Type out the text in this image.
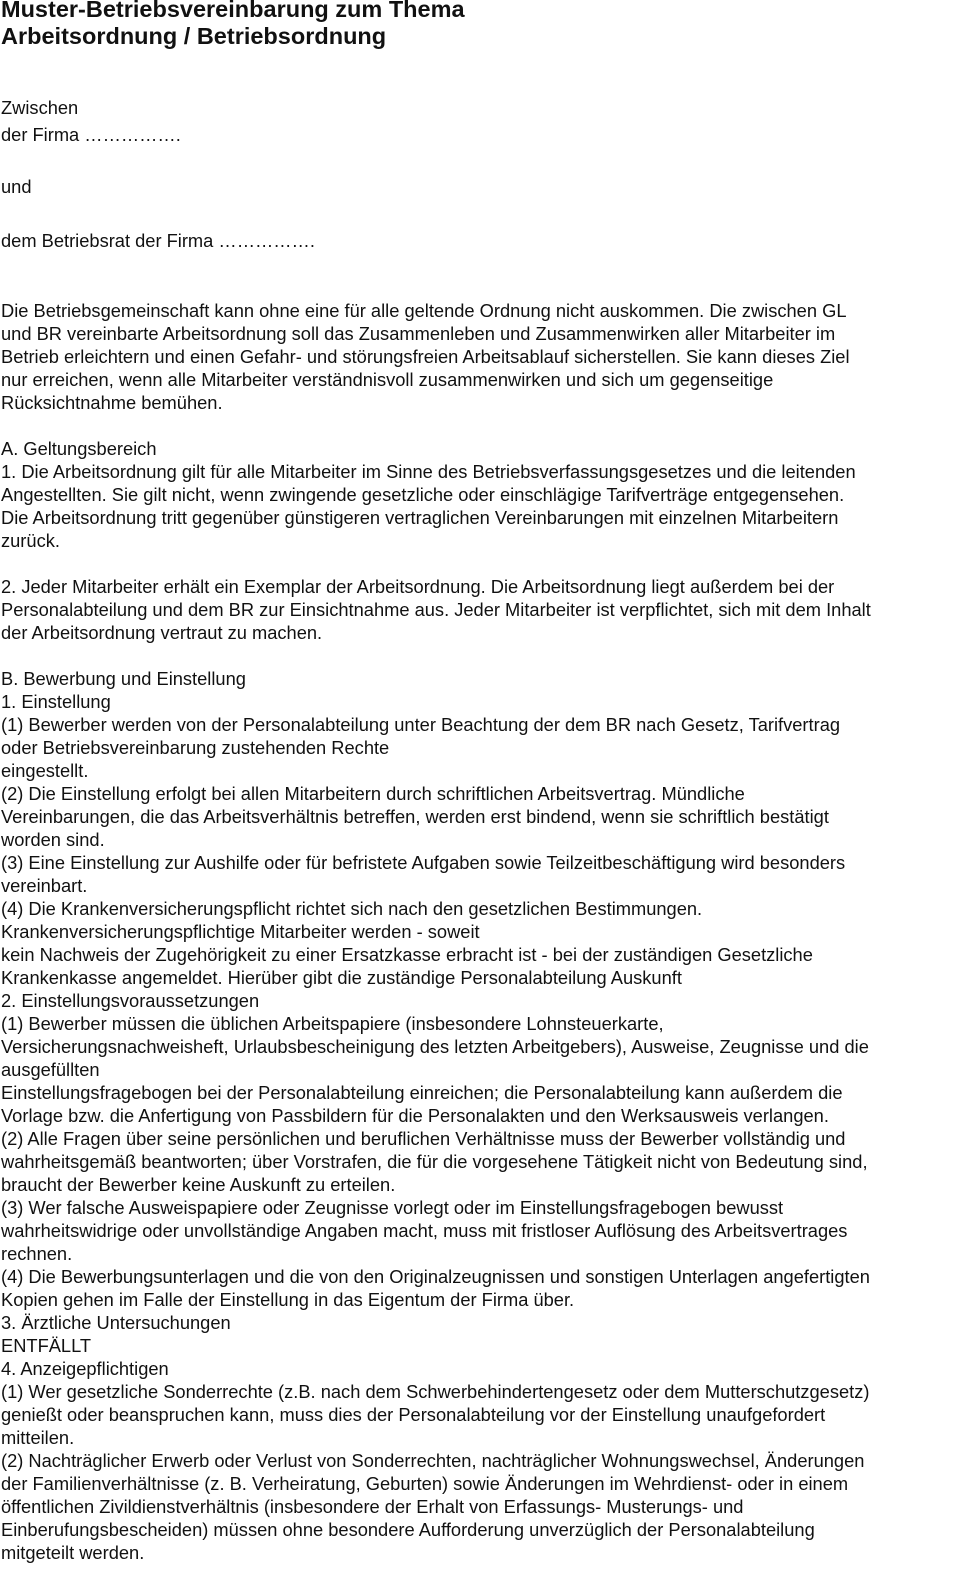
Muster-Betriebsvereinbarung zum Thema

Arbeitsordnung / Betriebsordnung

Zwischen

der Firma …………….

und

dem Betriebsrat der Firma …………….

Die Betriebsgemeinschaft kann ohne eine für alle geltende Ordnung nicht auskommen. Die zwischen GL

und BR vereinbarte Arbeitsordnung soll das Zusammenleben und Zusammenwirken aller Mitarbeiter im

Betrieb erleichtern und einen Gefahr- und störungsfreien Arbeitsablauf sicherstellen. Sie kann dieses Ziel

nur erreichen, wenn alle Mitarbeiter verständnisvoll zusammenwirken und sich um gegenseitige

Rücksichtnahme bemühen.

A. Geltungsbereich

1. Die Arbeitsordnung gilt für alle Mitarbeiter im Sinne des Betriebsverfassungsgesetzes und die leitenden

Angestellten. Sie gilt nicht, wenn zwingende gesetzliche oder einschlägige Tarifverträge entgegensehen.

Die Arbeitsordnung tritt gegenüber günstigeren vertraglichen Vereinbarungen mit einzelnen Mitarbeitern

zurück.

2. Jeder Mitarbeiter erhält ein Exemplar der Arbeitsordnung. Die Arbeitsordnung liegt außerdem bei der

Personalabteilung und dem BR zur Einsichtnahme aus. Jeder Mitarbeiter ist verpflichtet, sich mit dem Inhalt

der Arbeitsordnung vertraut zu machen.

B. Bewerbung und Einstellung

1. Einstellung

(1) Bewerber werden von der Personalabteilung unter Beachtung der dem BR nach Gesetz, Tarifvertrag

oder Betriebsvereinbarung zustehenden Rechte

eingestellt.

(2) Die Einstellung erfolgt bei allen Mitarbeitern durch schriftlichen Arbeitsvertrag. Mündliche

Vereinbarungen, die das Arbeitsverhältnis betreffen, werden erst bindend, wenn sie schriftlich bestätigt

worden sind.

(3) Eine Einstellung zur Aushilfe oder für befristete Aufgaben sowie Teilzeitbeschäftigung wird besonders

vereinbart.

(4) Die Krankenversicherungspflicht richtet sich nach den gesetzlichen Bestimmungen.

Krankenversicherungspflichtige Mitarbeiter werden - soweit

kein Nachweis der Zugehörigkeit zu einer Ersatzkasse erbracht ist - bei der zuständigen Gesetzliche

Krankenkasse angemeldet. Hierüber gibt die zuständige Personalabteilung Auskunft

2. Einstellungsvoraussetzungen

(1) Bewerber müssen die üblichen Arbeitspapiere (insbesondere Lohnsteuerkarte,

Versicherungsnachweisheft, Urlaubsbescheinigung des letzten Arbeitgebers), Ausweise, Zeugnisse und die

ausgefüllten

Einstellungsfragebogen bei der Personalabteilung einreichen; die Personalabteilung kann außerdem die

Vorlage bzw. die Anfertigung von Passbildern für die Personalakten und den Werksausweis verlangen.

(2) Alle Fragen über seine persönlichen und beruflichen Verhältnisse muss der Bewerber vollständig und

wahrheitsgemäß beantworten; über Vorstrafen, die für die vorgesehene Tätigkeit nicht von Bedeutung sind,

braucht der Bewerber keine Auskunft zu erteilen.

(3) Wer falsche Ausweispapiere oder Zeugnisse vorlegt oder im Einstellungsfragebogen bewusst

wahrheitswidrige oder unvollständige Angaben macht, muss mit fristloser Auflösung des Arbeitsvertrages

rechnen.

(4) Die Bewerbungsunterlagen und die von den Originalzeugnissen und sonstigen Unterlagen angefertigten

Kopien gehen im Falle der Einstellung in das Eigentum der Firma über.

3. Ärztliche Untersuchungen

ENTFÄLLT

4. Anzeigepflichtigen

(1) Wer gesetzliche Sonderrechte (z.B. nach dem Schwerbehindertengesetz oder dem Mutterschutzgesetz)

genießt oder beanspruchen kann, muss dies der Personalabteilung vor der Einstellung unaufgefordert

mitteilen.

(2) Nachträglicher Erwerb oder Verlust von Sonderrechten, nachträglicher Wohnungswechsel, Änderungen

der Familienverhältnisse (z. B. Verheiratung, Geburten) sowie Änderungen im Wehrdienst- oder in einem

öffentlichen Zivildienstverhältnis (insbesondere der Erhalt von Erfassungs- Musterungs- und

Einberufungsbescheiden) müssen ohne besondere Aufforderung unverzüglich der Personalabteilung

mitgeteilt werden.
